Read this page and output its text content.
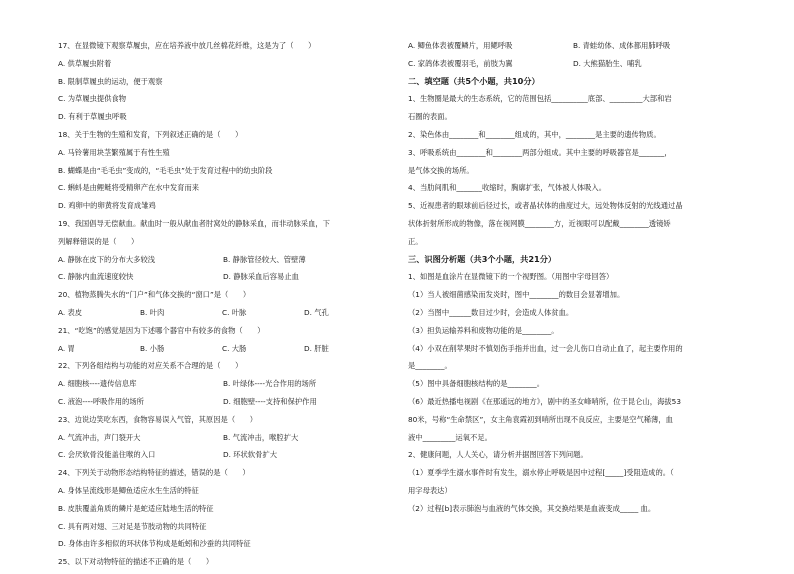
17、在显微镜下观察草履虫，应在培养液中放几丝棉花纤维，这是为了（　　）
A. 供草履虫附着
B. 限制草履虫的运动，便于观察
C. 为草履虫提供食物
D. 有利于草履虫呼吸
18、关于生物的生殖和发育，下列叙述正确的是（　　）
A. 马铃薯用块茎繁殖属于有性生殖
B. 蝴蝶是由“毛毛虫”变成的，“毛毛虫”处于发育过程中的幼虫阶段
C. 蝌蚪是由鲤鲢将受精卵产在水中发育而来
D. 鸡卵中的卵黄将发育成雏鸡
19、我国倡导无偿献血。献血时一般从献血者肘窝处的静脉采血，而非动脉采血，下
列解释错误的是（　　）
A. 静脉在皮下的分布大多较浅	B. 静脉管径较大、管壁薄
C. 静脉内血流速度较快	D. 静脉采血后容易止血
20、植物蒸腾失水的“门户”和气体交换的“窗口”是（　　）
A. 表皮	B. 叶肉	C. 叶脉	D. 气孔
21、“吃饱”的感觉是因为下述哪个器官中有较多的食物（　　）
A. 胃	B. 小肠	C. 大肠	D. 肝脏
22、下列各组结构与功能的对应关系不合理的是（　　）
A. 细胞核----遗传信息库	B. 叶绿体----光合作用的场所
C. 液泡----呼吸作用的场所	D. 细胞壁----支持和保护作用
23、边说边笑吃东西，食物容易误入气管，其原因是（　　）
A. 气流冲击，声门裂开大	B. 气流冲击，喉腔扩大
C. 会厌软骨没能盖住喉的入口	D. 环状软骨扩大
24、下列关于动物形态结构特征的描述，错误的是（　　）
A. 身体呈流线形是鲫鱼适应水生生活的特征
B. 皮肤覆盖角质的鳞片是蛇适应陆地生活的特征
C. 具有两对翅、三对足是节肢动物的共同特征
D. 身体由许多相似的环状体节构成是蚯蚓和沙蚕的共同特征
25、以下对动物特征的描述不正确的是（　　）
A. 鲫鱼体表被覆鳞片，用鳃呼吸	B. 青蛙幼体、成体都用肺呼吸
C. 家鸽体表被覆羽毛，前肢为翼	D. 大熊猫胎生、哺乳
二、填空题（共5个小题，共10分）
1、生物圈是最大的生态系统，它的范围包括__________底部、_________大部和岩
石圈的表面。
2、染色体由________和________组成的，其中，________是主要的遗传物质。
3、呼吸系统由________和________两部分组成。其中主要的呼吸器官是_______，
是气体交换的场所。
4、当肋间肌和_______收缩时，胸廓扩张，气体被人体吸入。
5、近视患者的眼球前后径过长，或者晶状体的曲度过大，远处物体反射的光线通过晶
状体折射所形成的物像，落在视网膜________方，近视眼可以配戴________透镜矫
正。
三、识图分析题（共3个小题，共21分）
1、如图是血涂片在显微镜下的一个视野图。（用图中字母回答）
（1）当人被细菌感染而发炎时，图中________的数目会显著增加。
（2）当图中______数目过少时，会造成人体贫血。
（3）担负运输养料和废物功能的是________。
（4）小双在削苹果时不慎划伤手指并出血，过一会儿伤口自动止血了，起主要作用的
是________。
（5）图中具备细胞核结构的是________。
（6）最近热播电视剧《在那遥远的地方》，剧中的圣女峰哨所，位于昆仑山，海拔53
80米，号称“生命禁区”，女主角袁霞初到哨所出现不良反应，主要是空气稀薄，血
液中_________运氧不足。
2、健康问题，人人关心，请分析并据图回答下列问题。
（1）夏季学生溺水事件时有发生，溺水停止呼吸是因中过程[_____]受阻造成的。（
用字母表达）
（2）过程[b]表示肺泡与血液的气体交换，其交换结果是血液变成_____ 血。
